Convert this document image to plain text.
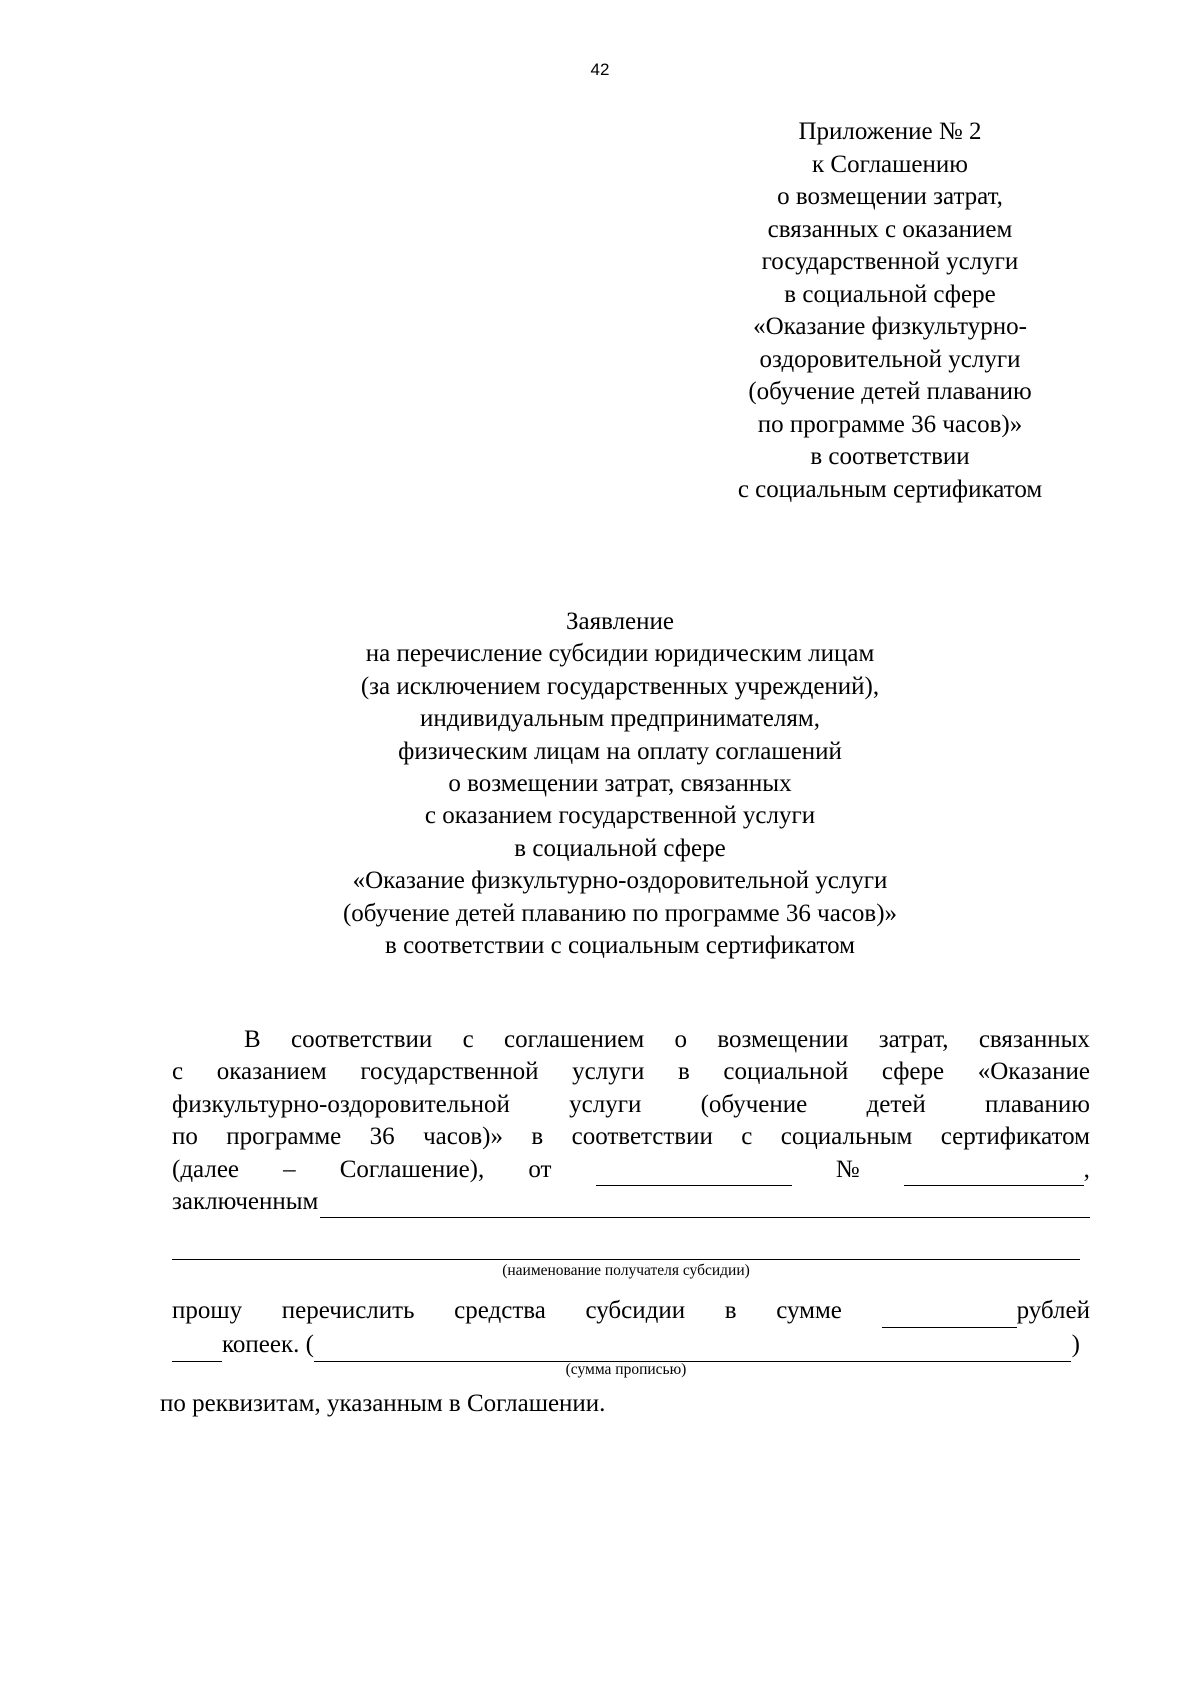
42
Приложение № 2
к Соглашению
о возмещении затрат,
связанных с оказанием
государственной услуги
в социальной сфере
«Оказание физкультурно-
оздоровительной услуги
(обучение детей плаванию
по программе 36 часов)»
в соответствии
с социальным сертификатом
Заявление
на перечисление субсидии юридическим лицам
(за исключением государственных учреждений),
индивидуальным предпринимателям,
физическим лицам на оплату соглашений
о возмещении затрат, связанных
с оказанием государственной услуги
в социальной сфере
«Оказание физкультурно-оздоровительной услуги
(обучение детей плаванию по программе 36 часов)»
в соответствии с социальным сертификатом
В соответствии с соглашением о возмещении затрат, связанных
с оказанием государственной услуги в социальной сфере «Оказание
физкультурно-оздоровительной услуги (обучение детей плаванию
по программе 36 часов)» в соответствии с социальным сертификатом
(далее – Соглашение), от	№	,
заключенным
(наименование получателя субсидии)
прошу перечислить средства субсидии в сумме	рублей
копеек. (	)
(сумма прописью)
по реквизитам, указанным в Соглашении.
